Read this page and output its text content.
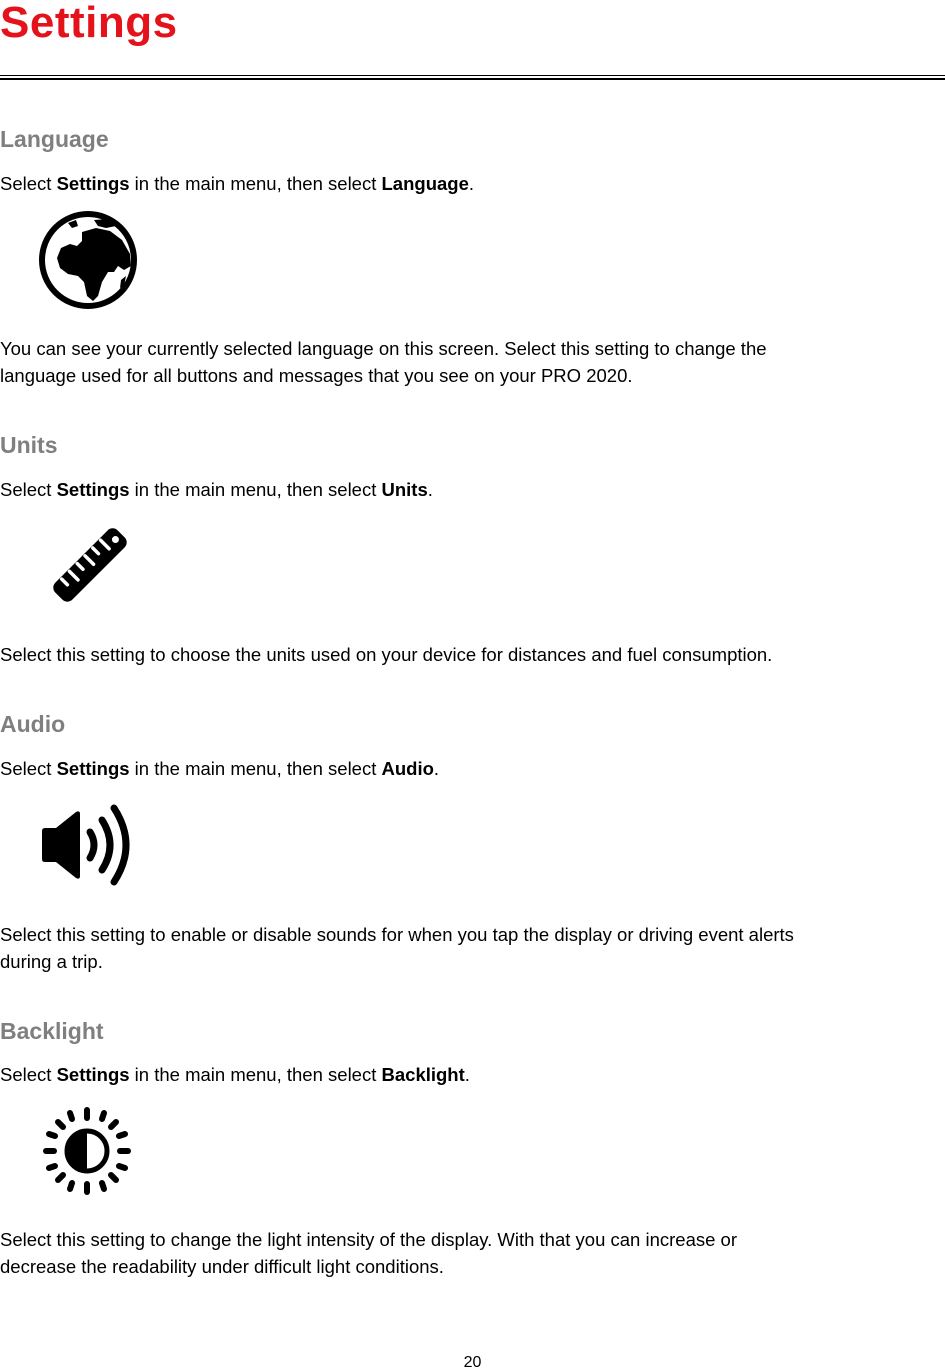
Settings
Language

Select Settings in the main menu, then select Language.

You can see your currently selected language on this screen. Select this setting to change the
language used for all buttons and messages that you see on your PRO 2020.

Units

Select Settings in the main menu, then select Units.

Select this setting to choose the units used on your device for distances and fuel consumption.

Audio

Select Settings in the main menu, then select Audio.

Select this setting to enable or disable sounds for when you tap the display or driving event alerts
during a trip.

Backlight

Select Settings in the main menu, then select Backlight.

Select this setting to change the light intensity of the display. With that you can increase or
decrease the readability under difficult light conditions.

20
